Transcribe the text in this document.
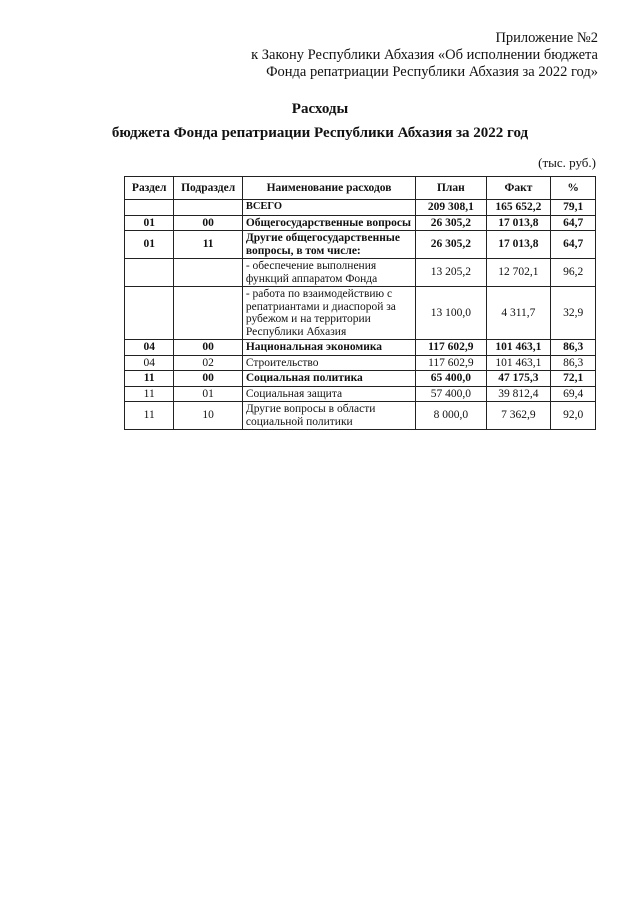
Приложение №2
к Закону Республики Абхазия «Об исполнении бюджета
Фонда репатриации Республики Абхазия за 2022 год»
Расходы
бюджета Фонда репатриации Республики Абхазия за 2022 год
(тыс. руб.)
Раздел	Подраздел	Наименование расходов	План	Факт	%
		ВСЕГО	209 308,1	165 652,2	79,1
01	00	Общегосударственные вопросы	26 305,2	17 013,8	64,7
01	11	Другие общегосударственные вопросы, в том числе:	26 305,2	17 013,8	64,7
		- обеспечение выполнения функций аппаратом Фонда	13 205,2	12 702,1	96,2
		- работа по взаимодействию с репатриантами и диаспорой за рубежом и на территории Республики Абхазия	13 100,0	4 311,7	32,9
04	00	Национальная экономика	117 602,9	101 463,1	86,3
04	02	Строительство	117 602,9	101 463,1	86,3
11	00	Социальная политика	65 400,0	47 175,3	72,1
11	01	Социальная защита	57 400,0	39 812,4	69,4
11	10	Другие вопросы в области социальной политики	8 000,0	7 362,9	92,0
